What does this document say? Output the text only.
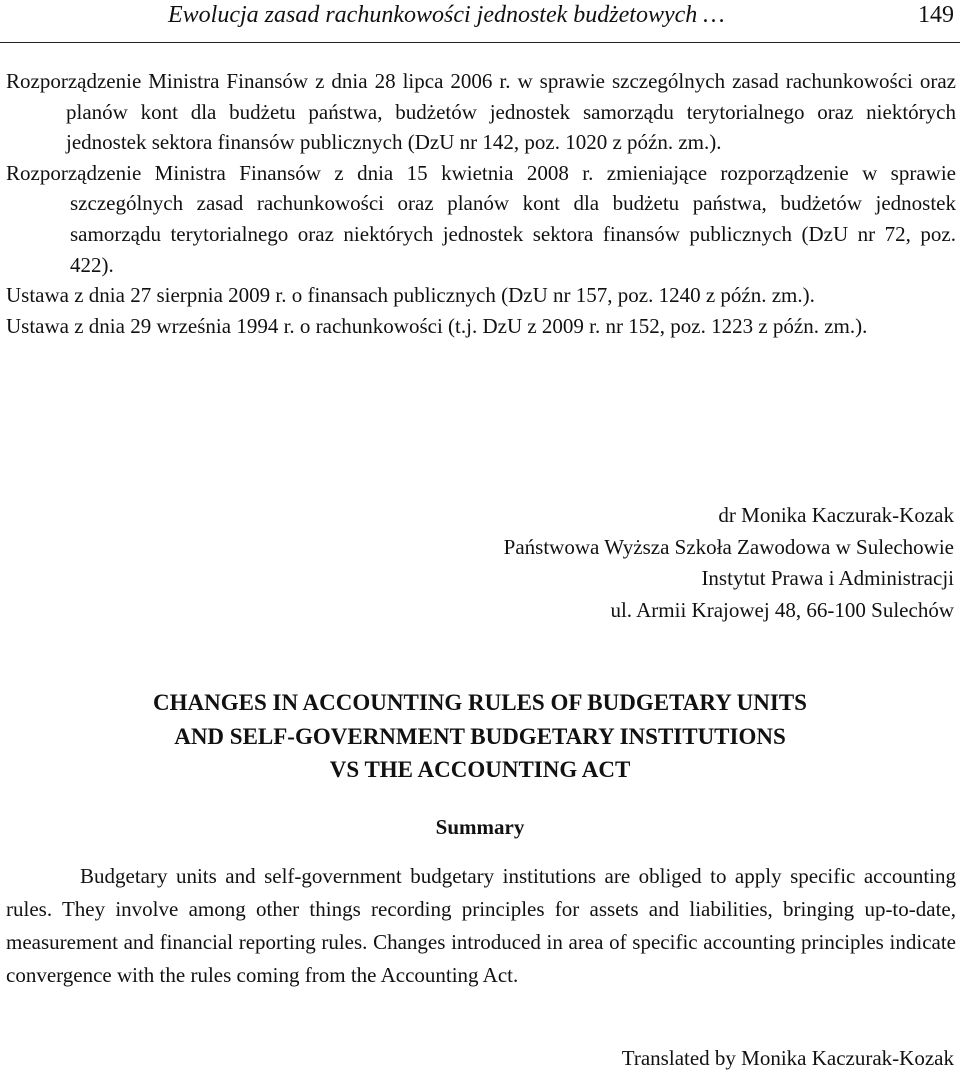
Ewolucja zasad rachunkowości jednostek budżetowych …	149

Rozporządzenie Ministra Finansów z dnia 28 lipca 2006 r. w sprawie szczególnych zasad rachunkowości oraz planów kont dla budżetu państwa, budżetów jednostek samorządu terytorialnego oraz niektórych jednostek sektora finansów publicznych (DzU nr 142, poz. 1020 z późn. zm.).

Rozporządzenie Ministra Finansów z dnia 15 kwietnia 2008 r. zmieniające rozporządzenie w sprawie szczególnych zasad rachunkowości oraz planów kont dla budżetu państwa, budżetów jednostek samorządu terytorialnego oraz niektórych jednostek sektora finansów publicznych (DzU nr 72, poz. 422).

Ustawa z dnia 27 sierpnia 2009 r. o finansach publicznych (DzU nr 157, poz. 1240 z późn. zm.).

Ustawa z dnia 29 września 1994 r. o rachunkowości (t.j. DzU z 2009 r. nr 152, poz. 1223 z późn. zm.).

dr Monika Kaczurak-Kozak
Państwowa Wyższa Szkoła Zawodowa w Sulechowie
Instytut Prawa i Administracji
ul. Armii Krajowej 48, 66-100 Sulechów
CHANGES IN ACCOUNTING RULES OF BUDGETARY UNITS
AND SELF-GOVERNMENT BUDGETARY INSTITUTIONS
VS THE ACCOUNTING ACT
Summary

Budgetary units and self-government budgetary institutions are obliged to apply specific accounting rules. They involve among other things recording principles for assets and liabilities, bringing up-to-date, measurement and financial reporting rules. Changes introduced in area of specific accounting principles indicate convergence with the rules coming from the Accounting Act.

Translated by Monika Kaczurak-Kozak
